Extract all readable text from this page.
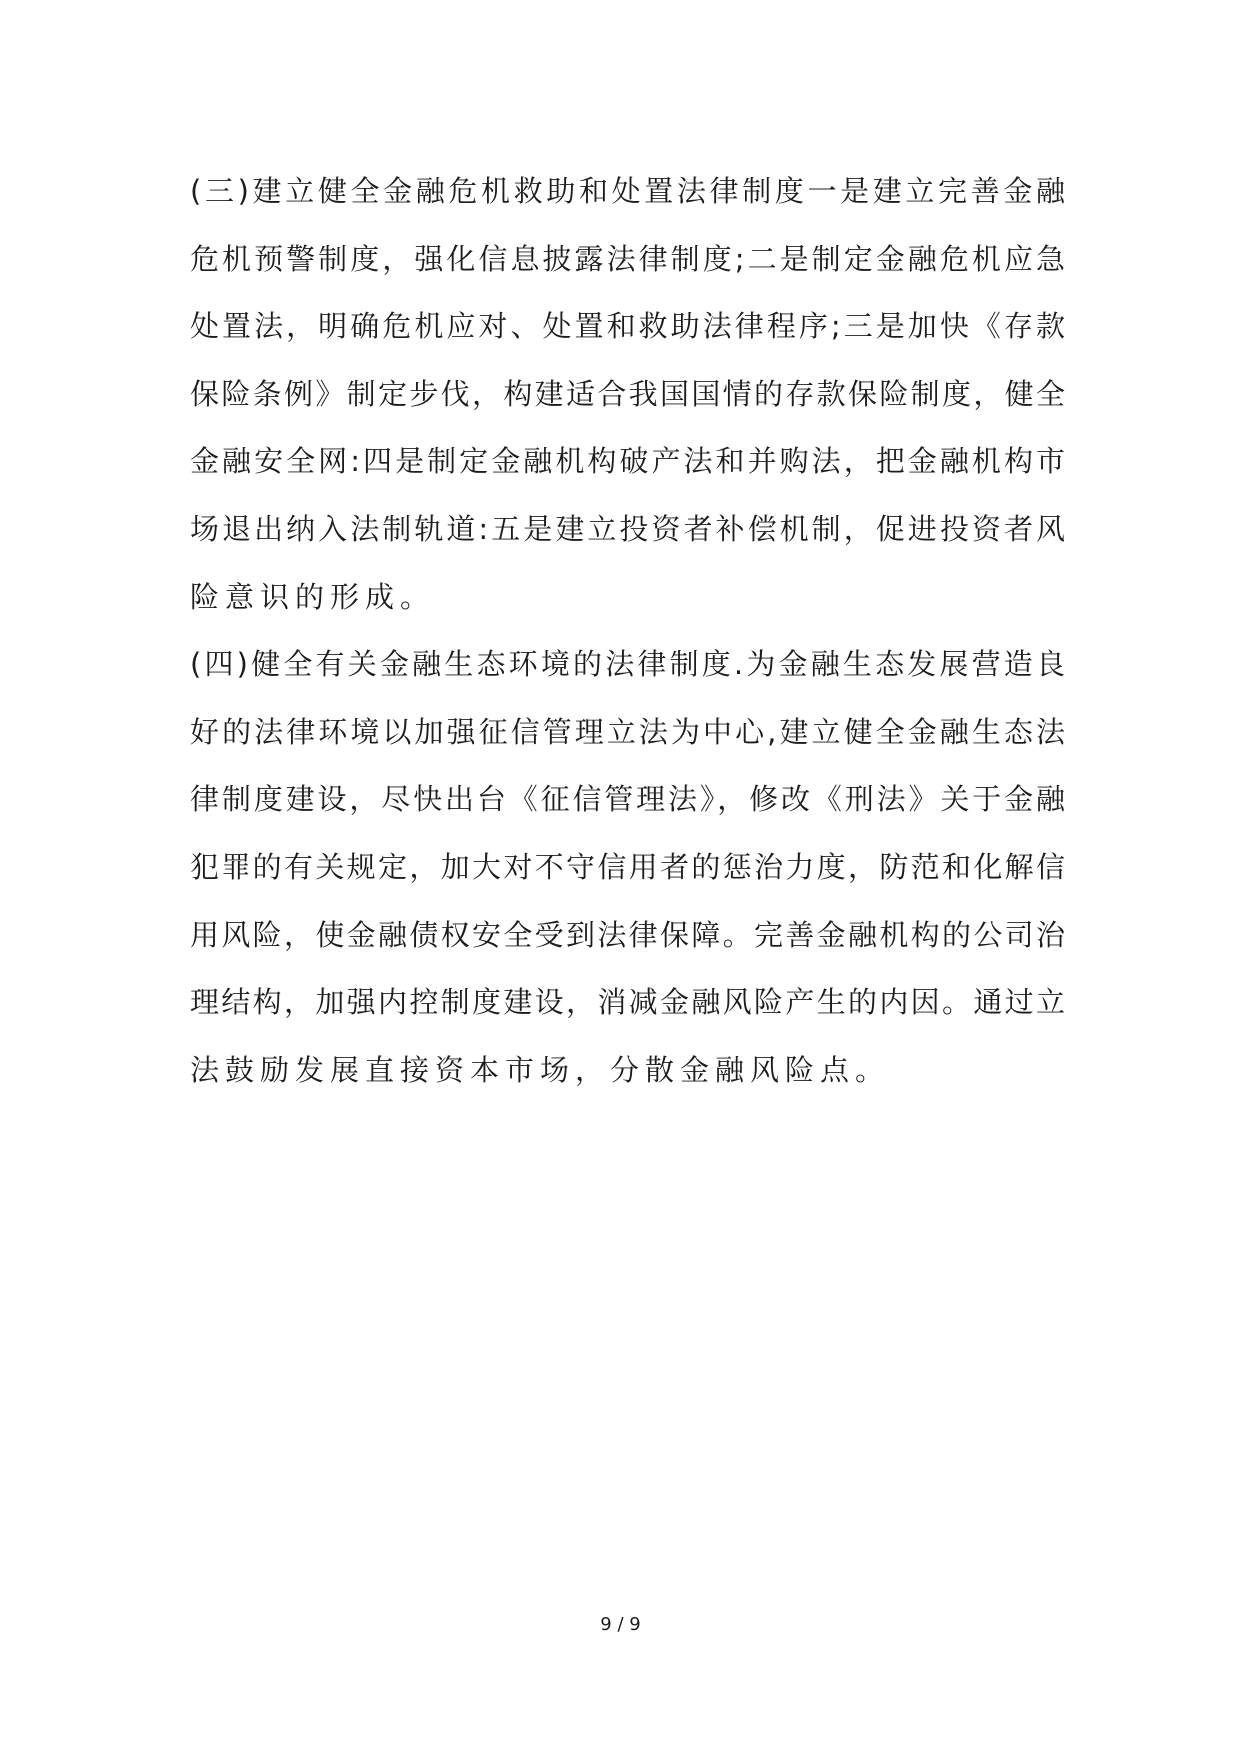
(三)建立健全金融危机救助和处置法律制度一是建立完善金融
危机预警制度，强化信息披露法律制度;二是制定金融危机应急
处置法，明确危机应对、处置和救助法律程序;三是加快《存款
保险条例》制定步伐，构建适合我国国情的存款保险制度，健全
金融安全网:四是制定金融机构破产法和并购法，把金融机构市
场退出纳入法制轨道:五是建立投资者补偿机制，促进投资者风
险意识的形成。
(四)健全有关金融生态环境的法律制度.为金融生态发展营造良
好的法律环境以加强征信管理立法为中心,建立健全金融生态法
律制度建设，尽快出台《征信管理法》，修改《刑法》关于金融
犯罪的有关规定，加大对不守信用者的惩治力度，防范和化解信
用风险，使金融债权安全受到法律保障。完善金融机构的公司治
理结构，加强内控制度建设，消减金融风险产生的内因。通过立
法鼓励发展直接资本市场，分散金融风险点。
9 / 9
